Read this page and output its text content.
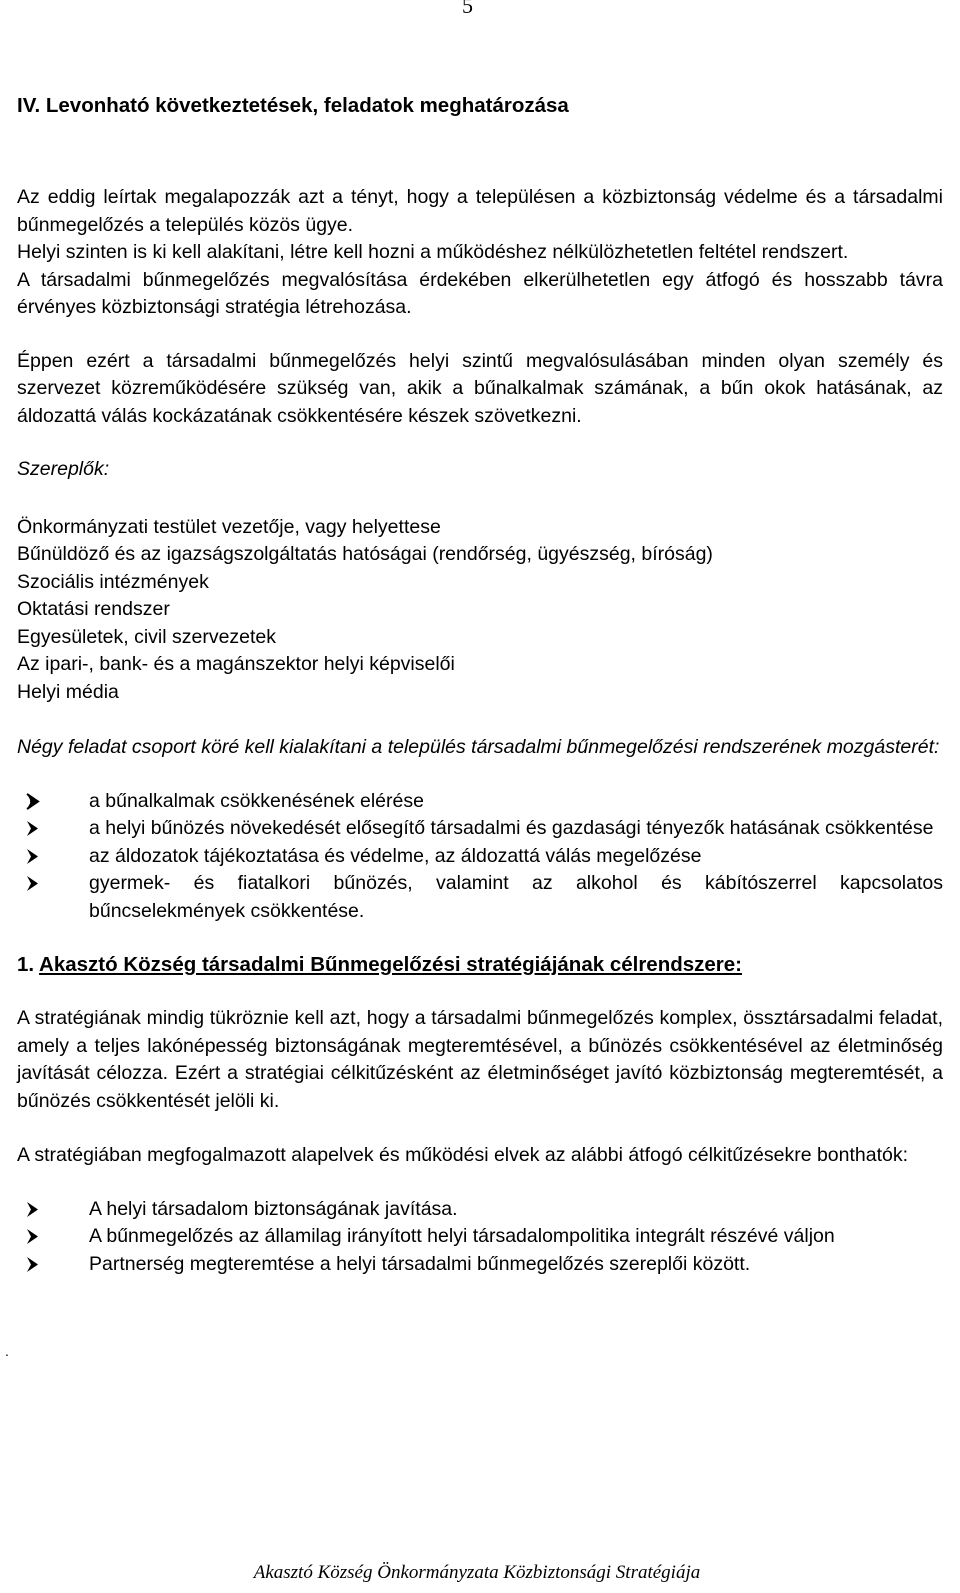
5

IV. Levonható következtetések, feladatok meghatározása

Az eddig leírtak megalapozzák azt a tényt, hogy a településen a közbiztonság védelme és a társadalmi bűnmegelőzés a település közös ügye.

Helyi szinten is ki kell alakítani, létre kell hozni a működéshez nélkülözhetetlen feltétel rendszert.

A társadalmi bűnmegelőzés megvalósítása érdekében elkerülhetetlen egy átfogó és hosszabb távra érvényes közbiztonsági stratégia létrehozása.

Éppen ezért a társadalmi bűnmegelőzés helyi szintű megvalósulásában minden olyan személy és szervezet közreműködésére szükség van, akik a bűnalkalmak számának, a bűn okok hatásának, az áldozattá válás kockázatának csökkentésére készek szövetkezni.

Szereplők:

Önkormányzati testület vezetője, vagy helyettese
Bűnüldöző és az igazságszolgáltatás hatóságai (rendőrség, ügyészség, bíróság)
Szociális intézmények
Oktatási rendszer
Egyesületek, civil szervezetek
Az ipari-, bank- és a magánszektor helyi képviselői
Helyi média

Négy feladat csoport köré kell kialakítani a település társadalmi bűnmegelőzési rendszerének mozgásterét:

a bűnalkalmak csökkenésének elérése
a helyi bűnözés növekedését elősegítő társadalmi és gazdasági tényezők hatásának csökkentése
az áldozatok tájékoztatása és védelme, az áldozattá válás megelőzése
gyermek- és fiatalkori bűnözés, valamint az alkohol és kábítószerrel kapcsolatos bűncselekmények csökkentése.

1. Akasztó Község társadalmi Bűnmegelőzési stratégiájának célrendszere:

A stratégiának mindig tükröznie kell azt, hogy a társadalmi bűnmegelőzés komplex, össztársadalmi feladat, amely a teljes lakónépesség biztonságának megteremtésével, a bűnözés csökkentésével az életminőség javítását célozza. Ezért a stratégiai célkitűzésként az életminőséget javító közbiztonság megteremtését, a bűnözés csökkentését jelöli ki.

A stratégiában megfogalmazott alapelvek és működési elvek az alábbi átfogó célkitűzésekre bonthatók:

A helyi társadalom biztonságának javítása.
A bűnmegelőzés az államilag irányított helyi társadalompolitika integrált részévé váljon
Partnerség megteremtése a helyi társadalmi bűnmegelőzés szereplői között.
.
Akasztó Község Önkormányzata Közbiztonsági Stratégiája
